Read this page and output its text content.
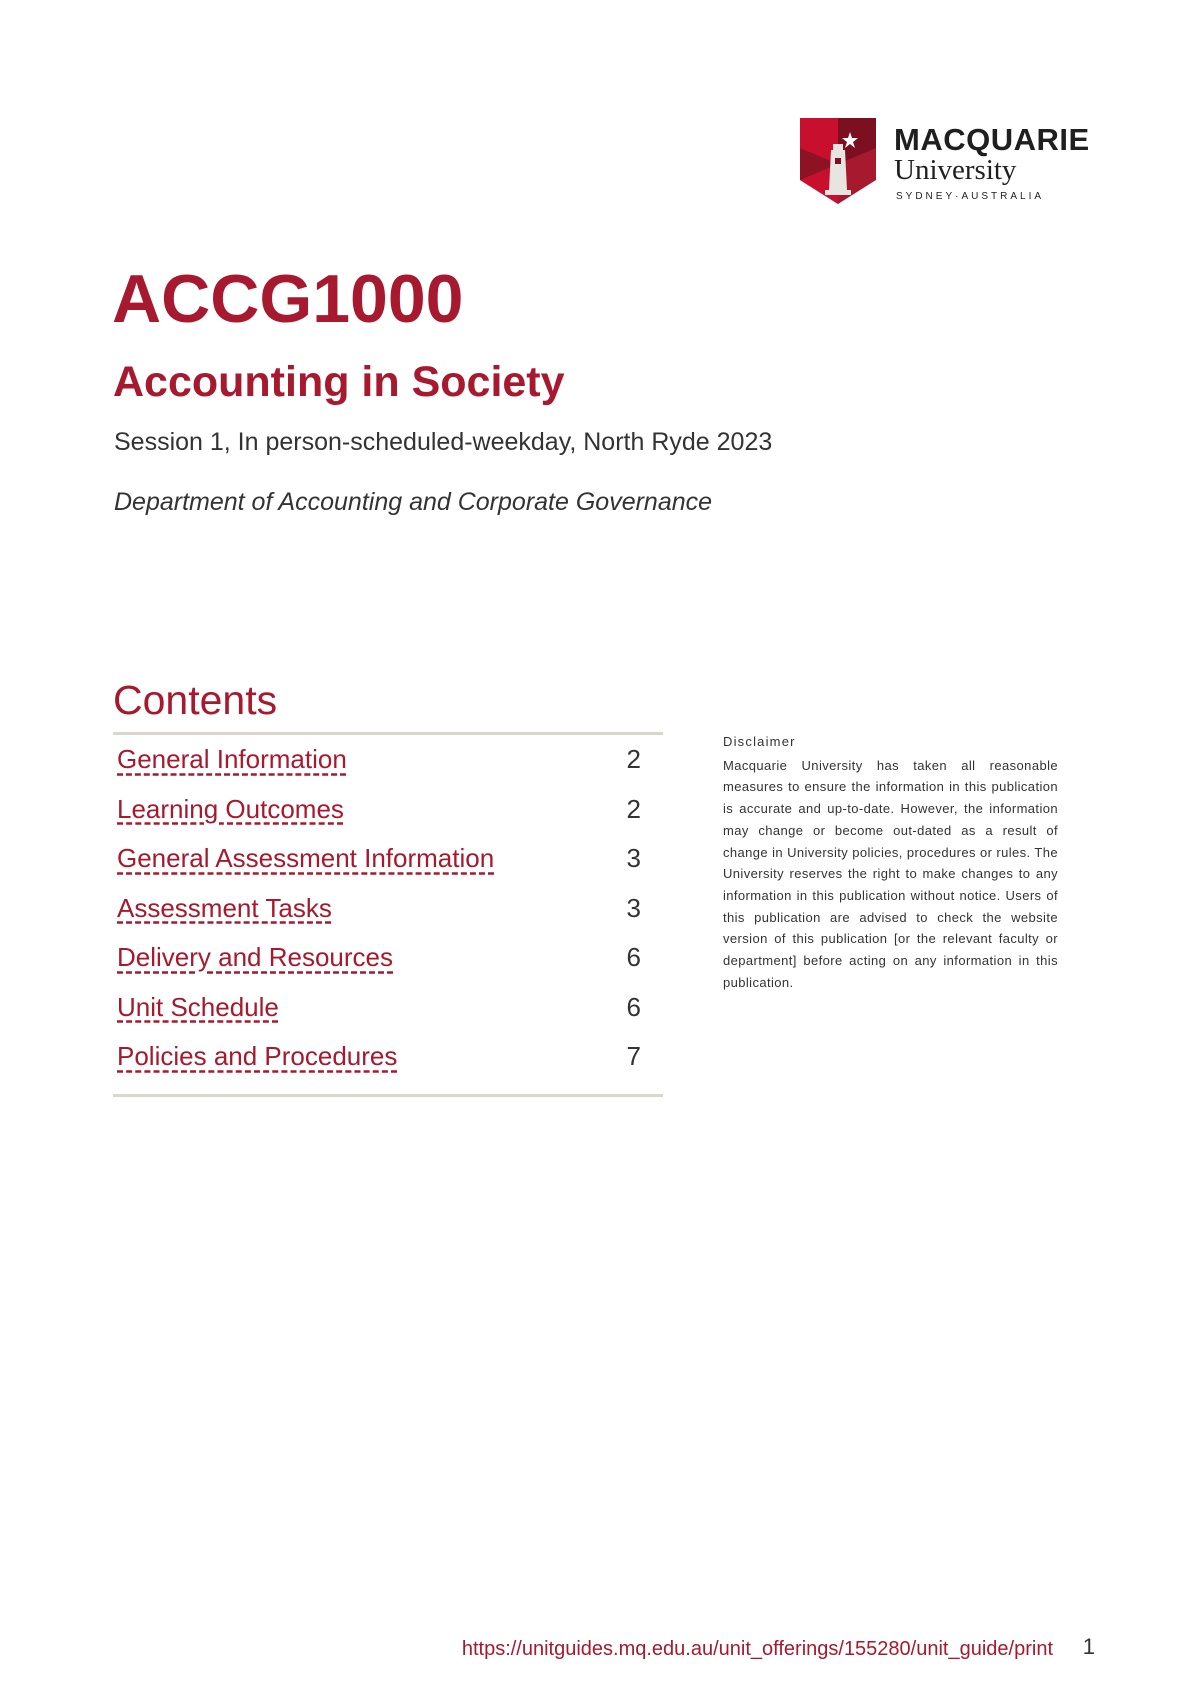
MACQUARIE
University
SYDNEY·AUSTRALIA
ACCG1000
Accounting in Society
Session 1, In person-scheduled-weekday, North Ryde 2023
Department of Accounting and Corporate Governance
Contents
General Information	2
Learning Outcomes	2
General Assessment Information	3
Assessment Tasks	3
Delivery and Resources	6
Unit Schedule	6
Policies and Procedures	7
Disclaimer
Macquarie University has taken all reasonable measures to ensure the information in this publication is accurate and up-to-date. However, the information may change or become out-dated as a result of change in University policies, procedures or rules. The University reserves the right to make changes to any information in this publication without notice. Users of this publication are advised to check the website version of this publication [or the relevant faculty or department] before acting on any information in this publication.
https://unitguides.mq.edu.au/unit_offerings/155280/unit_guide/print 1
